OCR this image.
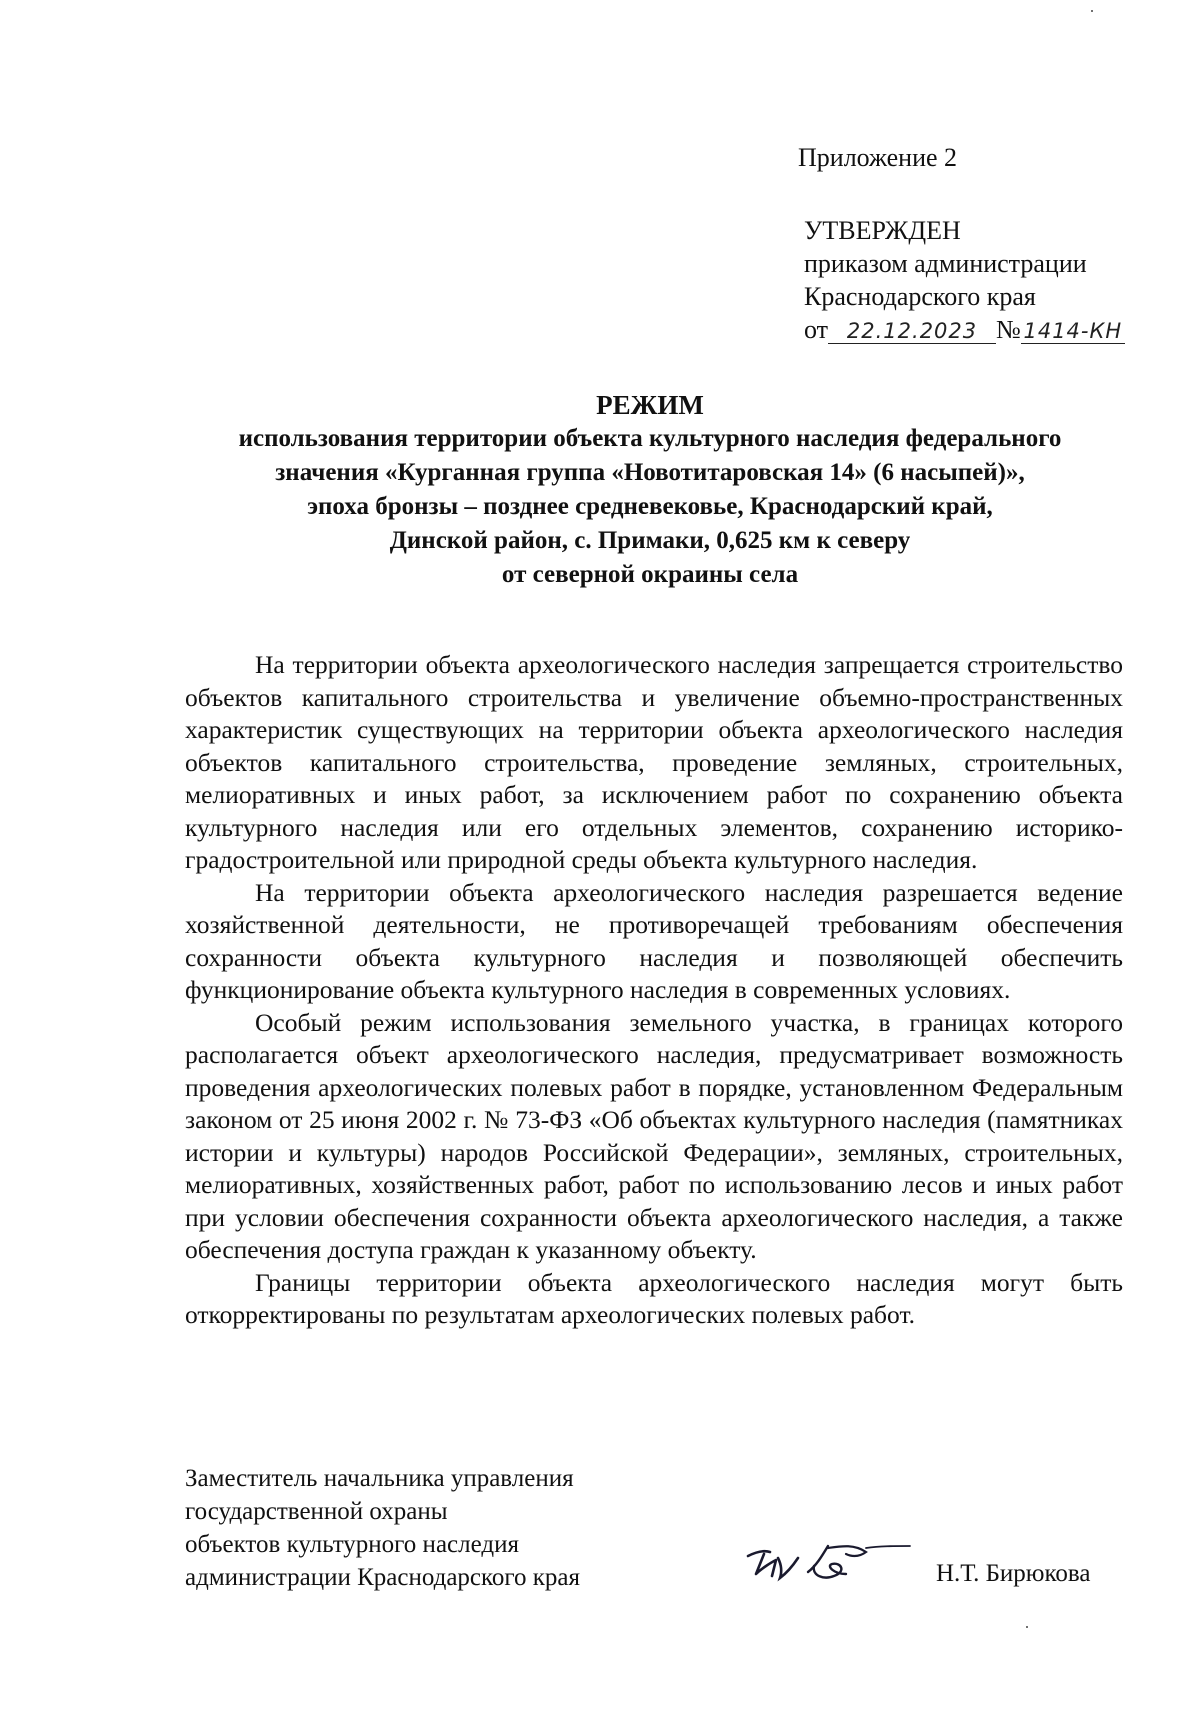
Приложение 2
УТВЕРЖДЕН
приказом администрации
Краснодарского края
от 22.12.2023 № 1414-КН
РЕЖИМ
использования территории объекта культурного наследия федерального
значения «Курганная группа «Новотитаровская 14» (6 насыпей)»,
эпоха бронзы – позднее средневековье, Краснодарский край,
Динской район, с. Примаки, 0,625 км к северу
от северной окраины села

На территории объекта археологического наследия запрещается строительство объектов капитального строительства и увеличение объемно-пространственных характеристик существующих на территории объекта археологического наследия объектов капитального строительства, проведение земляных, строительных, мелиоративных и иных работ, за исключением работ по сохранению объекта культурного наследия или его отдельных элементов, сохранению историко-градостроительной или природной среды объекта культурного наследия.

На территории объекта археологического наследия разрешается ведение хозяйственной деятельности, не противоречащей требованиям обеспечения сохранности объекта культурного наследия и позволяющей обеспечить функционирование объекта культурного наследия в современных условиях.

Особый режим использования земельного участка, в границах которого располагается объект археологического наследия, предусматривает возможность проведения археологических полевых работ в порядке, установленном Федеральным законом от 25 июня 2002 г. № 73-ФЗ «Об объектах культурного наследия (памятниках истории и культуры) народов Российской Федерации», земляных, строительных, мелиоративных, хозяйственных работ, работ по использованию лесов и иных работ при условии обеспечения сохранности объекта археологического наследия, а также обеспечения доступа граждан к указанному объекту.

Границы территории объекта археологического наследия могут быть откорректированы по результатам археологических полевых работ.

Заместитель начальника управления
государственной охраны
объектов культурного наследия
администрации Краснодарского края	Н.Т. Бирюкова
